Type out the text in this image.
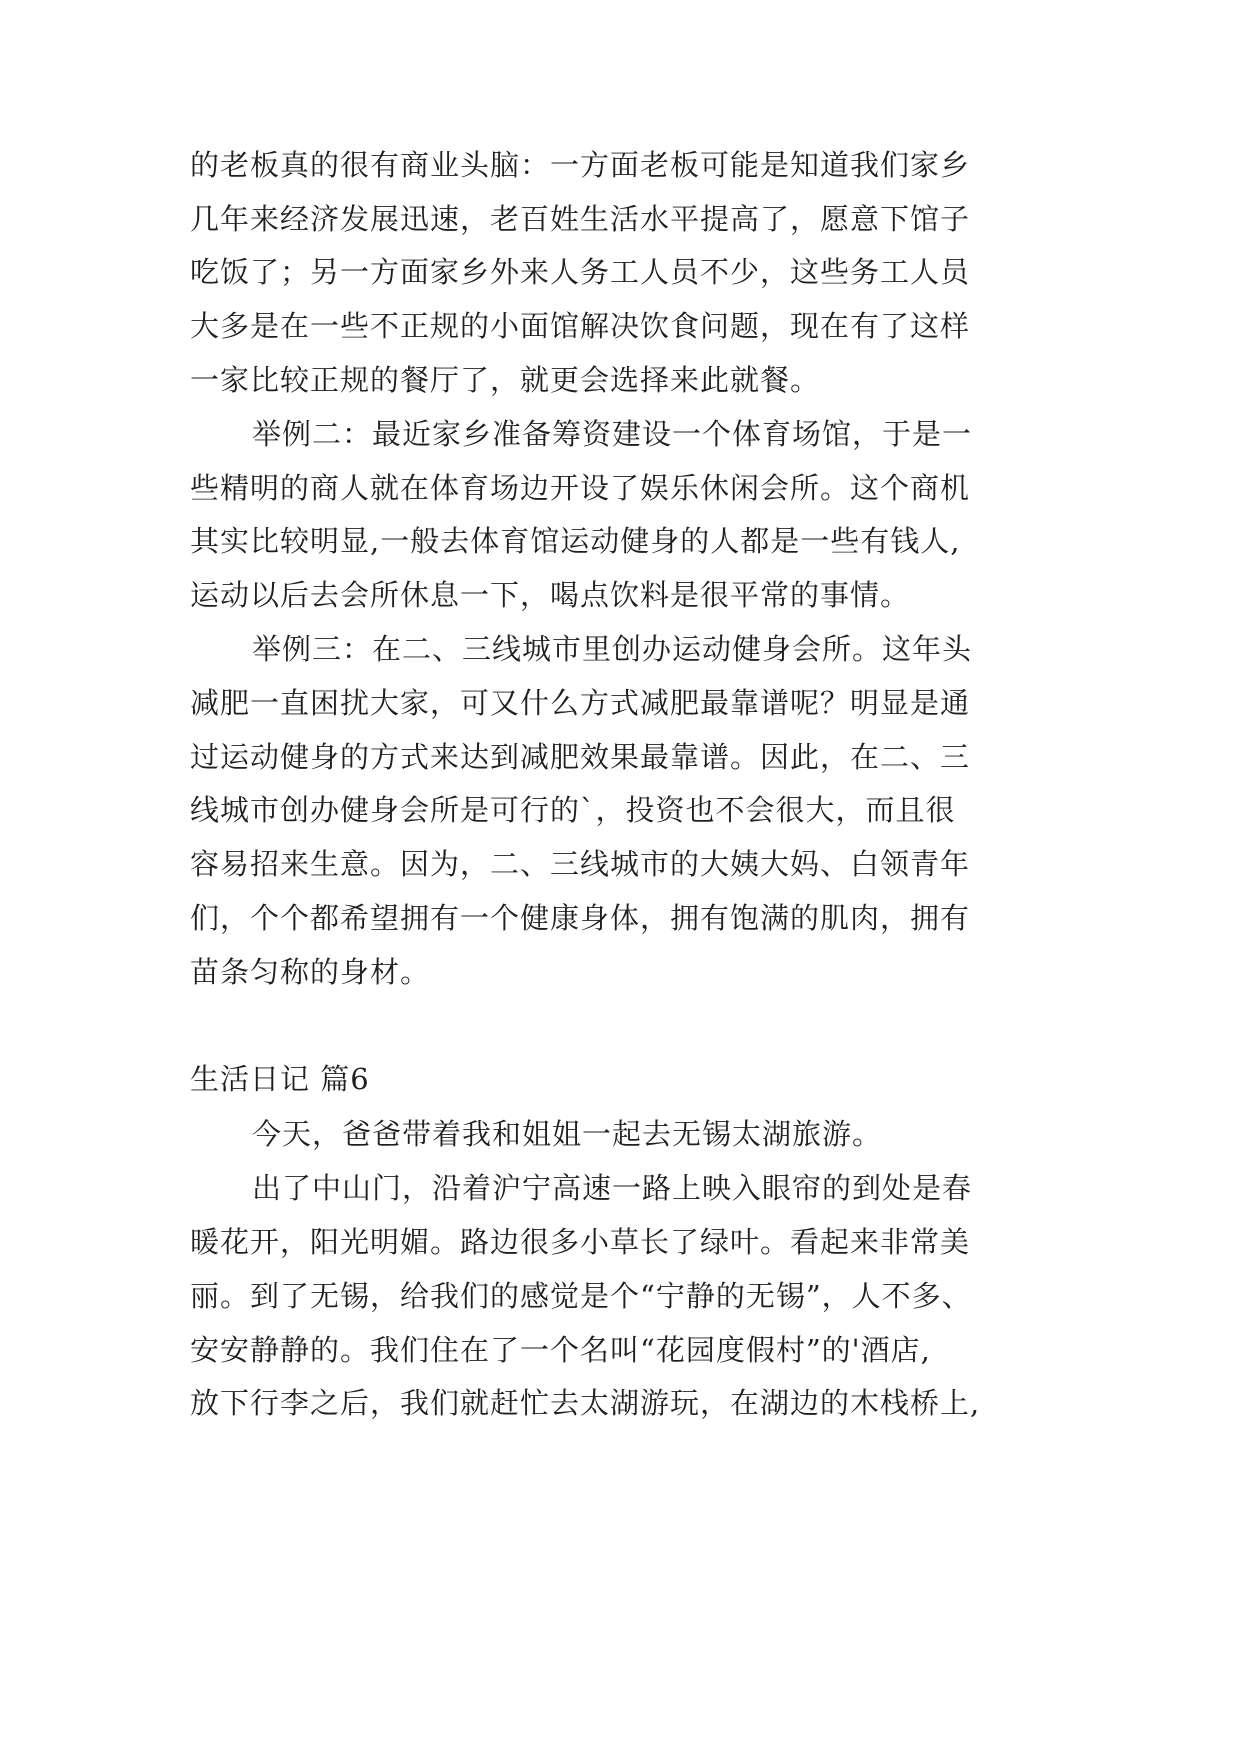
的老板真的很有商业头脑：一方面老板可能是知道我们家乡
几年来经济发展迅速，老百姓生活水平提高了，愿意下馆子
吃饭了；另一方面家乡外来人务工人员不少，这些务工人员
大多是在一些不正规的小面馆解决饮食问题，现在有了这样
一家比较正规的餐厅了，就更会选择来此就餐。
举例二：最近家乡准备筹资建设一个体育场馆，于是一
些精明的商人就在体育场边开设了娱乐休闲会所。这个商机
其实比较明显,一般去体育馆运动健身的人都是一些有钱人,
运动以后去会所休息一下，喝点饮料是很平常的事情。
举例三：在二、三线城市里创办运动健身会所。这年头
减肥一直困扰大家，可又什么方式减肥最靠谱呢？明显是通
过运动健身的方式来达到减肥效果最靠谱。因此，在二、三
线城市创办健身会所是可行的`，投资也不会很大，而且很
容易招来生意。因为，二、三线城市的大姨大妈、白领青年
们，个个都希望拥有一个健康身体，拥有饱满的肌肉，拥有
苗条匀称的身材。
生活日记 篇6
今天，爸爸带着我和姐姐一起去无锡太湖旅游。
出了中山门，沿着沪宁高速一路上映入眼帘的到处是春
暖花开，阳光明媚。路边很多小草长了绿叶。看起来非常美
丽。到了无锡，给我们的感觉是个“宁静的无锡”，人不多、
安安静静的。我们住在了一个名叫“花园度假村”的'酒店,
放下行李之后，我们就赶忙去太湖游玩，在湖边的木栈桥上,
